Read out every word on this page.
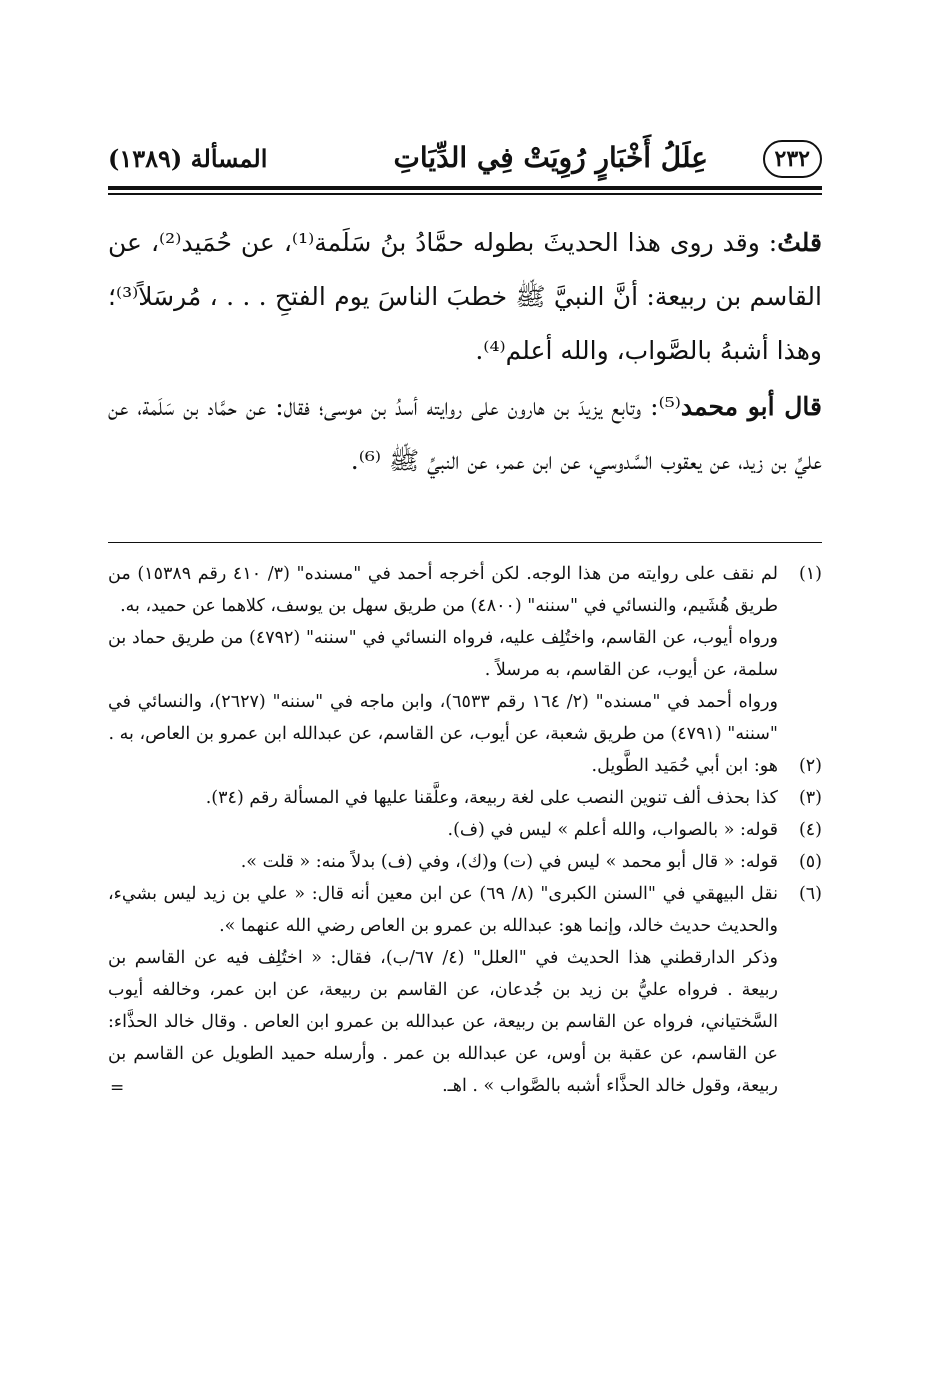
٢٣٢
عِلَلُ أَخْبَارٍ رُوِيَتْ فِي الدِّيَاتِ
المسألة (١٣٨٩)

قلتُ: وقد روى هذا الحديثَ بطوله حمَّادُ بنُ سَلَمة⁽¹⁾، عن حُمَيد⁽²⁾، عن القاسم بن ربيعة: أنَّ النبيَّ ﷺ خطبَ الناسَ يوم الفتحِ . . . ، مُرسَلاً⁽³⁾؛ وهذا أشبهُ بالصَّواب، والله أعلم⁽⁴⁾.

قال أبو محمد⁽⁵⁾: وتابع يزيدَ بن هارون على روايته أسدُ بن موسى؛ فقال: عن حمَّاد بن سَلَمة، عن عليِّ بن زيد، عن يعقوب السَّدوسي، عن ابن عمر، عن النبيِّ ﷺ ⁽⁶⁾.

(١)
لم نقف على روايته من هذا الوجه. لكن أخرجه أحمد في "مسنده" (٣/ ٤١٠ رقم ١٥٣٨٩) من طريق هُشَيم، والنسائي في "سننه" (٤٨٠٠) من طريق سهل بن يوسف، كلاهما عن حميد، به.
ورواه أيوب، عن القاسم، واختُلِف عليه، فرواه النسائي في "سننه" (٤٧٩٢) من طريق حماد بن سلمة، عن أيوب، عن القاسم، به مرسلاً .
ورواه أحمد في "مسنده" (٢/ ١٦٤ رقم ٦٥٣٣)، وابن ماجه في "سننه" (٢٦٢٧)، والنسائي في "سننه" (٤٧٩١) من طريق شعبة، عن أيوب، عن القاسم، عن عبدالله ابن عمرو بن العاص، به .
(٢)
هو: ابن أبي حُمَيد الطَّويل.
(٣)
كذا بحذف ألف تنوين النصب على لغة ربيعة، وعلَّقنا عليها في المسألة رقم (٣٤).
(٤)
قوله: « بالصواب، والله أعلم » ليس في (ف).
(٥)
قوله: « قال أبو محمد » ليس في (ت) و(ك)، وفي (ف) بدلاً منه: « قلت ».
(٦)
نقل البيهقي في "السنن الكبرى" (٨/ ٦٩) عن ابن معين أنه قال: « علي بن زيد ليس بشيء، والحديث حديث خالد، وإنما هو: عبدالله بن عمرو بن العاص رضي الله عنهما ».
وذكر الدارقطني هذا الحديث في "العلل" (٤/ ٦٧/ب)، فقال: « اختُلِف فيه عن القاسم بن ربيعة . فرواه عليُّ بن زيد بن جُدعان، عن القاسم بن ربيعة، عن ابن عمر، وخالفه أيوب السَّختياني، فرواه عن القاسم بن ربيعة، عن عبدالله بن عمرو ابن العاص . وقال خالد الحذَّاء: عن القاسم، عن عقبة بن أوس، عن عبدالله بن عمر . وأرسله حميد الطويل عن القاسم بن ربيعة، وقول خالد الحذَّاء أشبه بالصَّواب » . اهـ.
=
